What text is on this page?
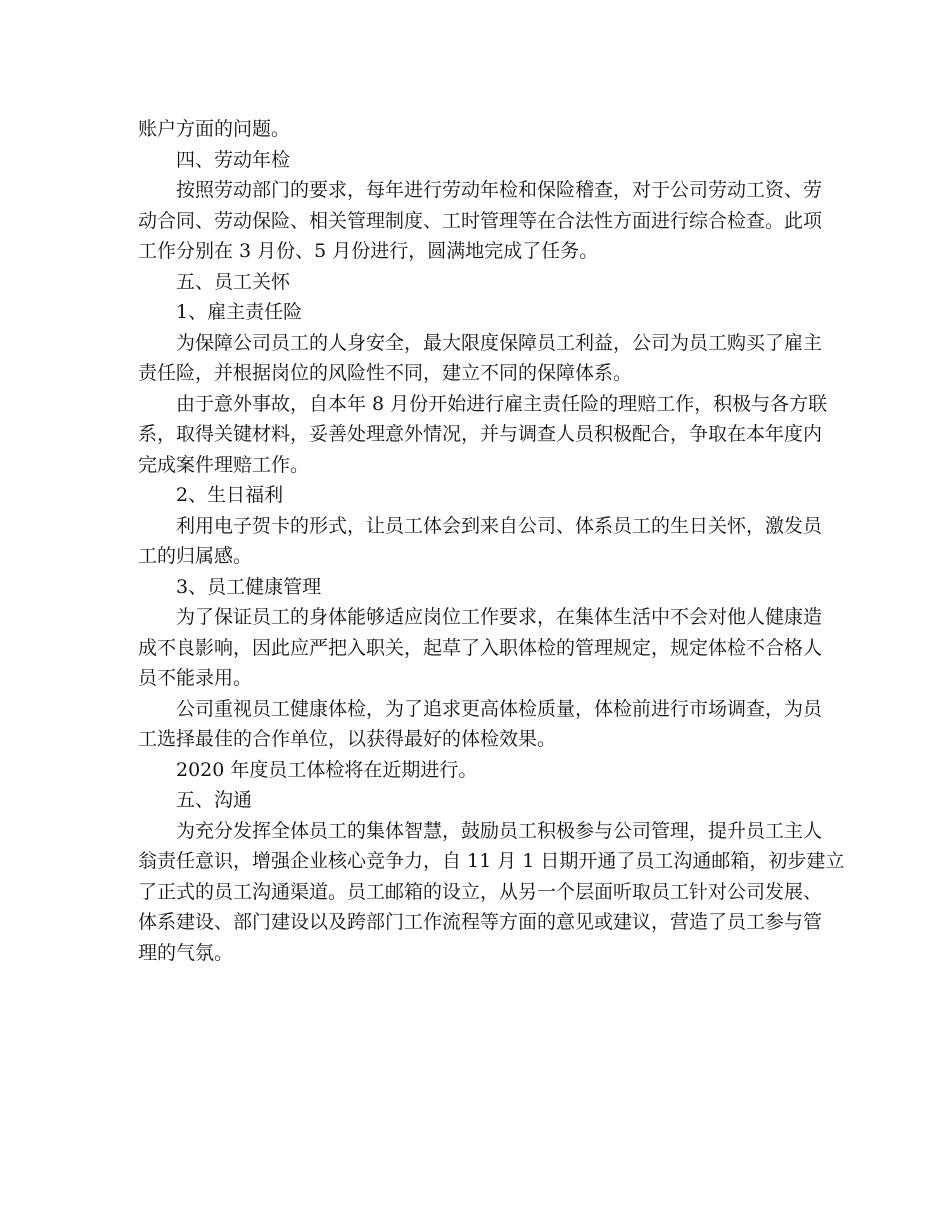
账户方面的问题。

四、劳动年检

按照劳动部门的要求，每年进行劳动年检和保险稽查，对于公司劳动工资、劳

动合同、劳动保险、相关管理制度、工时管理等在合法性方面进行综合检查。此项

工作分别在 3 月份、5 月份进行，圆满地完成了任务。

五、员工关怀

1、雇主责任险

为保障公司员工的人身安全，最大限度保障员工利益，公司为员工购买了雇主

责任险，并根据岗位的风险性不同，建立不同的保障体系。

由于意外事故，自本年 8 月份开始进行雇主责任险的理赔工作，积极与各方联

系，取得关键材料，妥善处理意外情况，并与调查人员积极配合，争取在本年度内

完成案件理赔工作。

2、生日福利

利用电子贺卡的形式，让员工体会到来自公司、体系员工的生日关怀，激发员

工的归属感。

3、员工健康管理

为了保证员工的身体能够适应岗位工作要求，在集体生活中不会对他人健康造

成不良影响，因此应严把入职关，起草了入职体检的管理规定，规定体检不合格人

员不能录用。

公司重视员工健康体检，为了追求更高体检质量，体检前进行市场调查，为员

工选择最佳的合作单位，以获得最好的体检效果。

2020 年度员工体检将在近期进行。

五、沟通

为充分发挥全体员工的集体智慧，鼓励员工积极参与公司管理，提升员工主人

翁责任意识，增强企业核心竞争力，自 11 月 1 日期开通了员工沟通邮箱，初步建立

了正式的员工沟通渠道。员工邮箱的设立，从另一个层面听取员工针对公司发展、

体系建设、部门建设以及跨部门工作流程等方面的意见或建议，营造了员工参与管

理的气氛。
